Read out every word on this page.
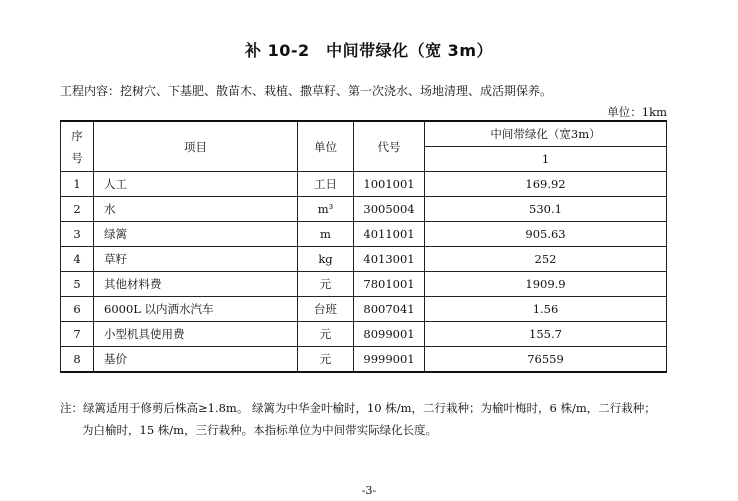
补 10-2　中间带绿化（宽 3m）
工程内容：挖树穴、下基肥、散苗木、栽植、撒草籽、第一次浇水、场地清理、成活期保养。
单位：1km
序号	项目	单位	代号	中间带绿化（宽3m）
				1
1	人工	工日	1001001	169.92
2	水	m³	3005004	530.1
3	绿篱	m	4011001	905.63
4	草籽	kg	4013001	252
5	其他材料费	元	7801001	1909.9
6	6000L 以内洒水汽车	台班	8007041	1.56
7	小型机具使用费	元	8099001	155.7
8	基价	元	9999001	76559
注：绿篱适用于修剪后株高≥1.8m。 绿篱为中华金叶榆时，10 株/m，二行栽种；为榆叶梅时，6 株/m，二行栽种；
为白榆时，15 株/m，三行栽种。本指标单位为中间带实际绿化长度。
-3-
